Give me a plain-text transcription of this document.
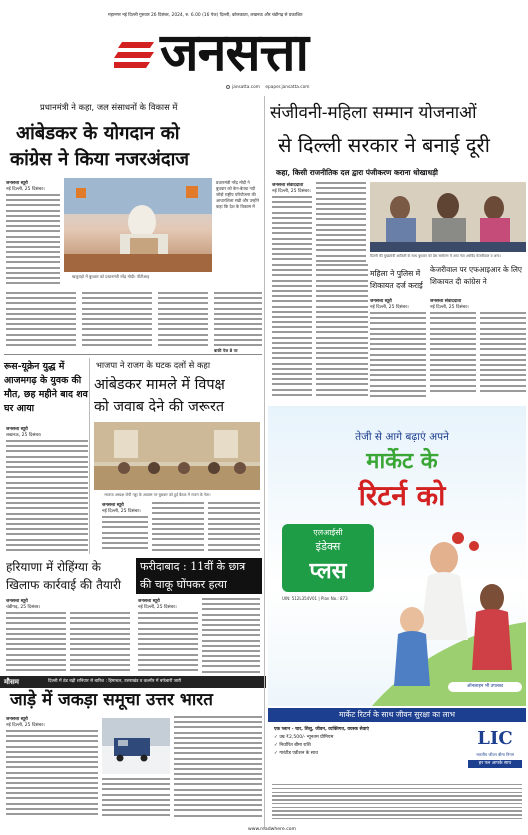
महानगर नई दिल्ली गुरुवार 26 दिसंबर, 2024, रु. 6.00 (16 पेज) दिल्ली, कोलकाता, लखनऊ और चंडीगढ़ से प्रकाशित
जनसत्ता
jansatta.com epaper.jansatta.com
प्रधानमंत्री ने कहा, जल संसाधनों के विकास में
आंबेडकर के योगदान को
कांग्रेस ने किया नजरअंदाज
जनसत्ता ब्यूरो
नई दिल्ली, 25 दिसंबर।
खजुराहो में बुधवार को प्रधानमंत्री नरेंद्र मोदी। पीटीआइ
प्रधानमंत्री नरेंद्र मोदी ने बुधवार को केन-बेतवा नदी जोड़ो राष्ट्रीय परियोजना की आधारशिला रखी और उन्होंने कहा कि देश के विकास में
बाकी पेज 8 पर
संजीवनी-महिला सम्मान योजनाओं
से दिल्ली सरकार ने बनाई दूरी
कहा, किसी राजनीतिक दल द्वारा पंजीकरण कराना धोखाधड़ी
जनसत्ता संवाददाता
नई दिल्ली, 25 दिसंबर।
दिल्ली की मुख्यमंत्री आतिशी के साथ बुधवार को प्रेस सम्मेलन में आप नेता अरविंद केजरीवाल व अन्य।
महिला ने पुलिस में शिकायत दर्ज कराई
जनसत्ता ब्यूरो
नई दिल्ली, 25 दिसंबर।
केजरीवाल पर एफआइआर के लिए शिकायत दी कांग्रेस ने
जनसत्ता संवाददाता
नई दिल्ली, 25 दिसंबर।
रूस-यूक्रेन युद्ध में आजमगढ़ के युवक की मौत, छह महीने बाद शव घर आया
जनसत्ता ब्यूरो
लखनऊ, 25 दिसंबर।
भाजपा ने राजग के घटक दलों से कहा
आंबेडकर मामले में विपक्ष
को जवाब देने की जरूरत
भाजपा अध्यक्ष जेपी नड्डा के आवास पर बुधवार को हुई बैठक में राजग के नेता।
जनसत्ता ब्यूरो
नई दिल्ली, 25 दिसंबर।
हरियाणा में रोहिंग्या के
खिलाफ कार्रवाई की तैयारी
जनसत्ता ब्यूरो
चंडीगढ़, 25 दिसंबर।
फरीदाबाद : 11वीं के छात्र
की चाकू घोंपकर हत्या
जनसत्ता ब्यूरो
नई दिल्ली, 25 दिसंबर।
मौसम	दिल्ली में ठंड बढ़ी शनिवार से बारिश : हिमाचल, उत्तराखंड व कश्मीर में बर्फबारी जारी
जाड़े में जकड़ा समूचा उत्तर भारत
जनसत्ता ब्यूरो
नई दिल्ली, 25 दिसंबर।
तेजी से आगे बढ़ाएं अपने
मार्केट के
रिटर्न को
एलआईसी
इंडेक्स
प्लस
UIN: 512L354V01 | Plan No.: 873
ऑनलाइन भी उपलब्ध
मार्केट रिटर्न के साथ जीवन सुरक्षा का लाभ
एक प्लान - चार, शिशु, जीवन, व्यक्तिगत, वयस्क सेवाएं
✓ उम्र ₹2,500/- न्यूनतम प्रीमियम
✓ निर्धारित बीमा राशि
✓ गारंटीड एडीशन के साथ
LIC
भारतीय जीवन बीमा निगम
हर पल आपके साथ
www.readwhere.com
